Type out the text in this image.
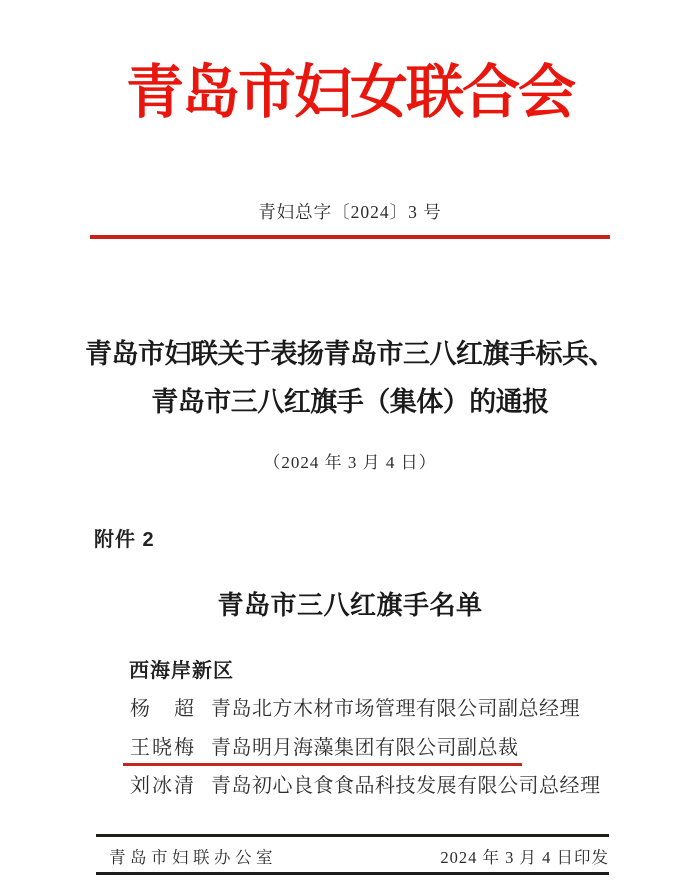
青岛市妇女联合会
青妇总字〔2024〕3 号
青岛市妇联关于表扬青岛市三八红旗手标兵、
青岛市三八红旗手（集体）的通报
（2024 年 3 月 4 日）
附件 2
青岛市三八红旗手名单
西海岸新区
杨　超 青岛北方木材市场管理有限公司副总经理
王晓梅 青岛明月海藻集团有限公司副总裁
刘冰清 青岛初心良食食品科技发展有限公司总经理
青岛市妇联办公室	2024 年 3 月 4 日印发
